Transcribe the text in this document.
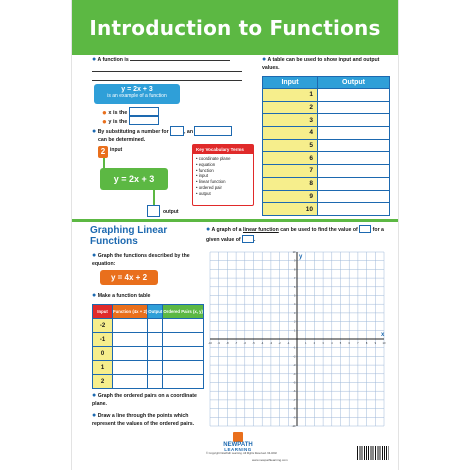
Introduction to Functions
● A function is

y = 2x + 3
is an example of a function
● x is the
● y is the
● By substituting a number for	, an
can be determined.
2 input
y = 2x + 3
output
Key Vocabulary Terms
• coordinate plane
• equation
• function
• input
• linear function
• ordered pair
• output
● A table can be used to show input and output values.
Input	Output
1	
2	
3	
4	
5	
6	
7	
8	
9	
10	
Graphing Linear Functions
● Graph the functions described by the equation:
y = 4x + 2
● Make a function table
Input	Function (4x + 2)	Output	Ordered Pairs (x, y)
-2			
-1			
0			
1			
2			
● Graph the ordered pairs on a coordinate plane.
● Draw a line through the points which represent the values of the ordered pairs.
● A graph of a linear function can be used to find the value of	for a given value of	.
-10
-10
-9
-9
-8
-8
-7
-7
-6
-6
-5
-5
-4
-4
-3
-3
-2
-2
-1
-1
1
1
2
2
3
3
4
4
5
5
6
6
7
7
8
8
9
9
10
10
x
y
NEWPATH
LEARNING
© Copyright NewPath Learning. All Rights Reserved. 93-4602
www.newpathlearning.com
